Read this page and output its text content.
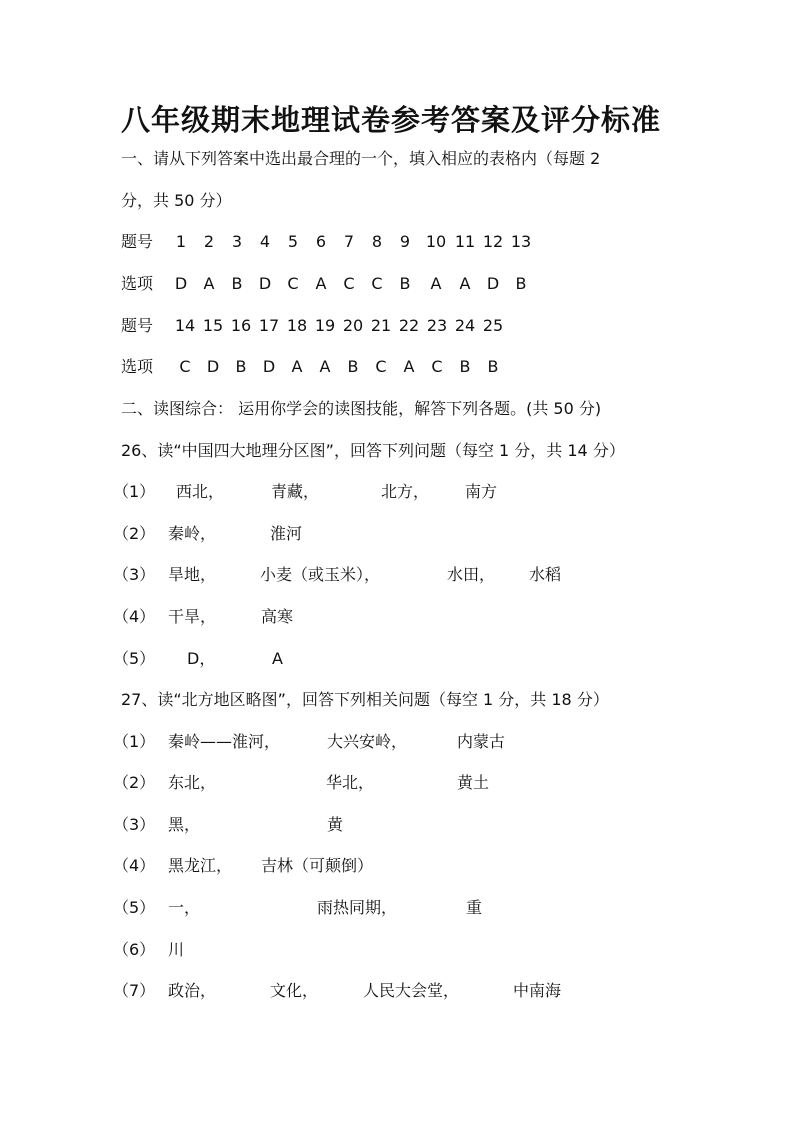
八年级期末地理试卷参考答案及评分标准
一、请从下列答案中选出最合理的一个，填入相应的表格内（每题 2
分，共 50 分）
题号	1	2	3	4	5	6	7	8	9 10 11 12 13
选项	D	A	B	D	C	A	C	C	B	A	A	D	B
题号 14 15 16 17 18 19 20 21 22 23 24 25
选项	C	D	B	D	A	A	B	C	A	C	B	B
二、读图综合： 运用你学会的读图技能，解答下列各题。(共 50 分)
26、读“中国四大地理分区图”，回答下列问题（每空 1 分，共 14 分）
（1） 西北，	青藏，	北方， 南方
（2） 秦岭，	淮河
（3） 旱地，	小麦（或玉米），	水田， 水稻
（4） 干旱，	高寒
（5） D，	A
27、读“北方地区略图”，回答下列相关问题（每空 1 分，共 18 分）
（1） 秦岭——淮河，	大兴安岭，	内蒙古
（2） 东北，	华北，	黄土
（3） 黑，	黄
（4） 黑龙江， 吉林（可颠倒）
（5） 一，	雨热同期，	重
（6） 川
（7） 政治，	文化，	人民大会堂，	中南海
